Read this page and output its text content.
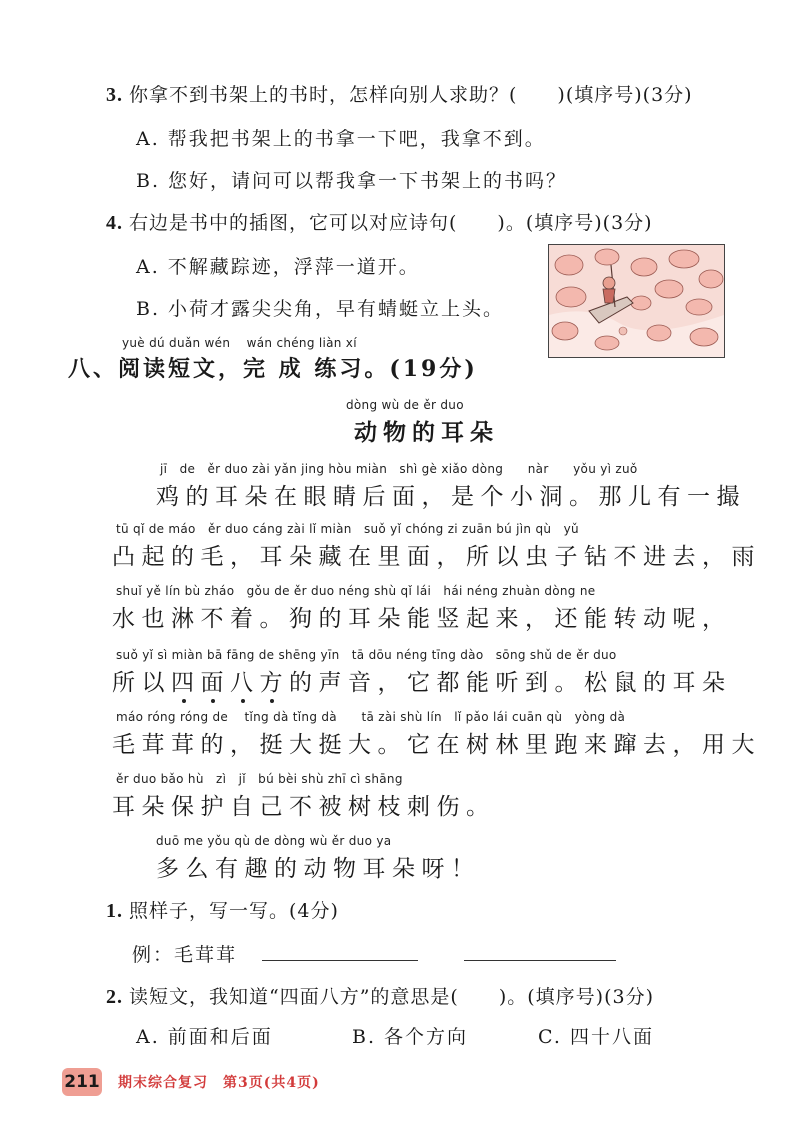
3. 你拿不到书架上的书时，怎样向别人求助？(　　)(填序号)(3分)
A. 帮我把书架上的书拿一下吧，我拿不到。
B. 您好，请问可以帮我拿一下书架上的书吗？
4. 右边是书中的插图，它可以对应诗句(　　)。(填序号)(3分)
A. 不解藏踪迹，浮萍一道开。
B. 小荷才露尖尖角，早有蜻蜓立上头。
yuè dú duǎn wén　 wán chéng liàn xí
八、阅读短文，完 成 练习。(19分)
dòng wù de ěr duo
动物的耳朵
jī　de　ěr duo zài yǎn jing hòu miàn　shì gè xiǎo dòng　　nàr　　yǒu yì zuǒ
鸡的耳朵在眼睛后面，是个小洞。那儿有一撮
tū qǐ de máo　ěr duo cáng zài lǐ miàn　suǒ yǐ chóng zi zuān bú jìn qù　yǔ
凸起的毛，耳朵藏在里面，所以虫子钻不进去，雨
shuǐ yě lín bù zháo　gǒu de ěr duo néng shù qǐ lái　hái néng zhuàn dòng ne
水也淋不着。狗的耳朵能竖起来，还能转动呢，
suǒ yǐ sì miàn bā fāng de shēng yīn　tā dōu néng tīng dào　sōng shǔ de ěr duo
所以四面八方的声音，它都能听到。松鼠的耳朵
máo róng róng de　 tǐng dà tǐng dà　　tā zài shù lín　lǐ pǎo lái cuān qù　yòng dà
毛茸茸的，挺大挺大。它在树林里跑来蹿去，用大
ěr duo bǎo hù　zì　jǐ　bú bèi shù zhī cì shāng
耳朵保护自己不被树枝刺伤。
duō me yǒu qù de dòng wù ěr duo ya
多么有趣的动物耳朵呀！
1. 照样子，写一写。(4分)
例：毛茸茸
2. 读短文，我知道“四面八方”的意思是(　　)。(填序号)(3分)
A. 前面和后面	B. 各个方向	C. 四十八面
211 期末综合复习　第3页(共4页)
